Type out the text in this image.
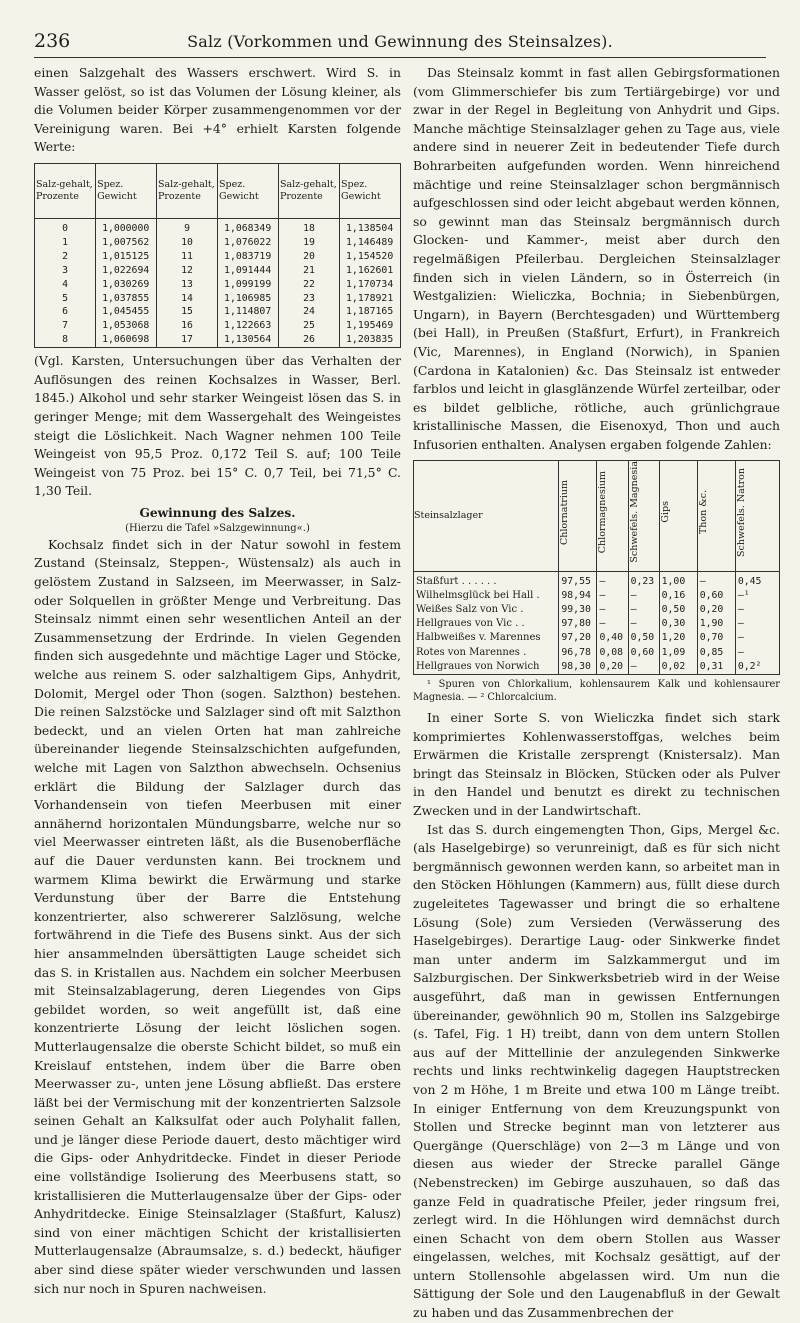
236	Salz (Vorkommen und Gewinnung des Steinsalzes).

einen Salzgehalt des Wassers erschwert. Wird S. in Wasser gelöst, so ist das Volumen der Lösung kleiner, als die Volumen beider Körper zusammengenommen vor der Vereinigung waren. Bei +4° erhielt Karsten folgende Werte:

Salz-gehalt, Prozente	Spez. Gewicht	Salz-gehalt, Prozente	Spez. Gewicht	Salz-gehalt, Prozente	Spez. Gewicht
0	1,000000	9	1,068349	18	1,138504
1	1,007562	10	1,076022	19	1,146489
2	1,015125	11	1,083719	20	1,154520
3	1,022694	12	1,091444	21	1,162601
4	1,030269	13	1,099199	22	1,170734
5	1,037855	14	1,106985	23	1,178921
6	1,045455	15	1,114807	24	1,187165
7	1,053068	16	1,122663	25	1,195469
8	1,060698	17	1,130564	26	1,203835

(Vgl. Karsten, Untersuchungen über das Verhalten der Auflösungen des reinen Kochsalzes in Wasser, Berl. 1845.) Alkohol und sehr starker Weingeist lösen das S. in geringer Menge; mit dem Wassergehalt des Weingeistes steigt die Löslichkeit. Nach Wagner nehmen 100 Teile Weingeist von 95,5 Proz. 0,172 Teil S. auf; 100 Teile Weingeist von 75 Proz. bei 15° C. 0,7 Teil, bei 71,5° C. 1,30 Teil.

Gewinnung des Salzes.
(Hierzu die Tafel »Salzgewinnung«.)

Kochsalz findet sich in der Natur sowohl in festem Zustand (Steinsalz, Steppen-, Wüstensalz) als auch in gelöstem Zustand in Salzseen, im Meerwasser, in Salz- oder Solquellen in größter Menge und Verbreitung. Das Steinsalz nimmt einen sehr wesentlichen Anteil an der Zusammensetzung der Erdrinde. In vielen Gegenden finden sich ausgedehnte und mächtige Lager und Stöcke, welche aus reinem S. oder salzhaltigem Gips, Anhydrit, Dolomit, Mergel oder Thon (sogen. Salzthon) bestehen. Die reinen Salzstöcke und Salzlager sind oft mit Salzthon bedeckt, und an vielen Orten hat man zahlreiche übereinander liegende Steinsalzschichten aufgefunden, welche mit Lagen von Salzthon abwechseln. Ochsenius erklärt die Bildung der Salzlager durch das Vorhandensein von tiefen Meerbusen mit einer annähernd horizontalen Mündungsbarre, welche nur so viel Meerwasser eintreten läßt, als die Busenoberfläche auf die Dauer verdunsten kann. Bei trocknem und warmem Klima bewirkt die Erwärmung und starke Verdunstung über der Barre die Entstehung konzentrierter, also schwererer Salzlösung, welche fortwährend in die Tiefe des Busens sinkt. Aus der sich hier ansammelnden übersättigten Lauge scheidet sich das S. in Kristallen aus. Nachdem ein solcher Meerbusen mit Steinsalzablagerung, deren Liegendes von Gips gebildet worden, so weit angefüllt ist, daß eine konzentrierte Lösung der leicht löslichen sogen. Mutterlaugensalze die oberste Schicht bildet, so muß ein Kreislauf entstehen, indem über die Barre oben Meerwasser zu-, unten jene Lösung abfließt. Das erstere läßt bei der Vermischung mit der konzentrierten Salzsole seinen Gehalt an Kalksulfat oder auch Polyhalit fallen, und je länger diese Periode dauert, desto mächtiger wird die Gips- oder Anhydritdecke. Findet in dieser Periode eine vollständige Isolierung des Meerbusens statt, so kristallisieren die Mutterlaugensalze über der Gips- oder Anhydritdecke. Einige Steinsalzlager (Staßfurt, Kalusz) sind von einer mächtigen Schicht der kristallisierten Mutterlaugensalze (Abraumsalze, s. d.) bedeckt, häufiger aber sind diese später wieder verschwunden und lassen sich nur noch in Spuren nachweisen.

Das Steinsalz kommt in fast allen Gebirgsformationen (vom Glimmerschiefer bis zum Tertiärgebirge) vor und zwar in der Regel in Begleitung von Anhydrit und Gips. Manche mächtige Steinsalzlager gehen zu Tage aus, viele andere sind in neuerer Zeit in bedeutender Tiefe durch Bohrarbeiten aufgefunden worden. Wenn hinreichend mächtige und reine Steinsalzlager schon bergmännisch aufgeschlossen sind oder leicht abgebaut werden können, so gewinnt man das Steinsalz bergmännisch durch Glocken- und Kammer-, meist aber durch den regelmäßigen Pfeilerbau. Dergleichen Steinsalzlager finden sich in vielen Ländern, so in Österreich (in Westgalizien: Wieliczka, Bochnia; in Siebenbürgen, Ungarn), in Bayern (Berchtesgaden) und Württemberg (bei Hall), in Preußen (Staßfurt, Erfurt), in Frankreich (Vic, Marennes), in England (Norwich), in Spanien (Cardona in Katalonien) &c. Das Steinsalz ist entweder farblos und leicht in glasglänzende Würfel zerteilbar, oder es bildet gelbliche, rötliche, auch grünlichgraue kristallinische Massen, die Eisenoxyd, Thon und auch Infusorien enthalten. Analysen ergaben folgende Zahlen:

Steinsalzlager	Chlornatrium	Chlormagnesium	Schwefels. Magnesia	Gips	Thon &c.	Schwefels. Natron
Staßfurt . . . . . .	97,55	—	0,23	1,00	—	0,45
Wilhelmsglück bei Hall .	98,94	—	—	0,16	0,60	—¹
Weißes Salz von Vic .	99,30	—	—	0,50	0,20	—
Hellgraues von Vic . .	97,80	—	—	0,30	1,90	—
Halbweißes v. Marennes	97,20	0,40	0,50	1,20	0,70	—
Rotes von Marennes .	96,78	0,08	0,60	1,09	0,85	—
Hellgraues von Norwich	98,30	0,20	—	0,02	0,31	0,2²

¹ Spuren von Chlorkalium, kohlensaurem Kalk und kohlensaurer Magnesia. — ² Chlorcalcium.

In einer Sorte S. von Wieliczka findet sich stark komprimiertes Kohlenwasserstoffgas, welches beim Erwärmen die Kristalle zersprengt (Knistersalz). Man bringt das Steinsalz in Blöcken, Stücken oder als Pulver in den Handel und benutzt es direkt zu technischen Zwecken und in der Landwirtschaft.

Ist das S. durch eingemengten Thon, Gips, Mergel &c. (als Haselgebirge) so verunreinigt, daß es für sich nicht bergmännisch gewonnen werden kann, so arbeitet man in den Stöcken Höhlungen (Kammern) aus, füllt diese durch zugeleitetes Tagewasser und bringt die so erhaltene Lösung (Sole) zum Versieden (Verwässerung des Haselgebirges). Derartige Laug- oder Sinkwerke findet man unter anderm im Salzkammergut und im Salzburgischen. Der Sinkwerksbetrieb wird in der Weise ausgeführt, daß man in gewissen Entfernungen übereinander, gewöhnlich 90 m, Stollen ins Salzgebirge (s. Tafel, Fig. 1 H) treibt, dann von dem untern Stollen aus auf der Mittellinie der anzulegenden Sinkwerke rechts und links rechtwinkelig dagegen Hauptstrecken von 2 m Höhe, 1 m Breite und etwa 100 m Länge treibt. In einiger Entfernung von dem Kreuzungspunkt von Stollen und Strecke beginnt man von letzterer aus Quergänge (Querschläge) von 2—3 m Länge und von diesen aus wieder der Strecke parallel Gänge (Nebenstrecken) im Gebirge auszuhauen, so daß das ganze Feld in quadratische Pfeiler, jeder ringsum frei, zerlegt wird. In die Höhlungen wird demnächst durch einen Schacht von dem obern Stollen aus Wasser eingelassen, welches, mit Kochsalz gesättigt, auf der untern Stollensohle abgelassen wird. Um nun die Sättigung der Sole und den Laugenabfluß in der Gewalt zu haben und das Zusammenbrechen der
